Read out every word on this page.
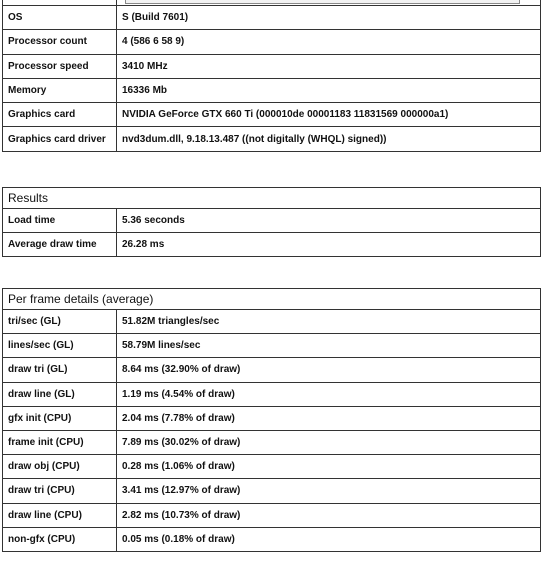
OS	S (Build 7601)
Processor count	4 (586 6 58 9)
Processor speed	3410 MHz
Memory	16336 Mb
Graphics card	NVIDIA GeForce GTX 660 Ti (000010de 00001183 11831569 000000a1)
Graphics card driver	nvd3dum.dll, 9.18.13.487 ((not digitally (WHQL) signed))
Results	
Load time	5.36 seconds
Average draw time	26.28 ms
Per frame details (average)	
tri/sec (GL)	51.82M triangles/sec
lines/sec (GL)	58.79M lines/sec
draw tri (GL)	8.64 ms (32.90% of draw)
draw line (GL)	1.19 ms (4.54% of draw)
gfx init (CPU)	2.04 ms (7.78% of draw)
frame init (CPU)	7.89 ms (30.02% of draw)
draw obj (CPU)	0.28 ms (1.06% of draw)
draw tri (CPU)	3.41 ms (12.97% of draw)
draw line (CPU)	2.82 ms (10.73% of draw)
non-gfx (CPU)	0.05 ms (0.18% of draw)
